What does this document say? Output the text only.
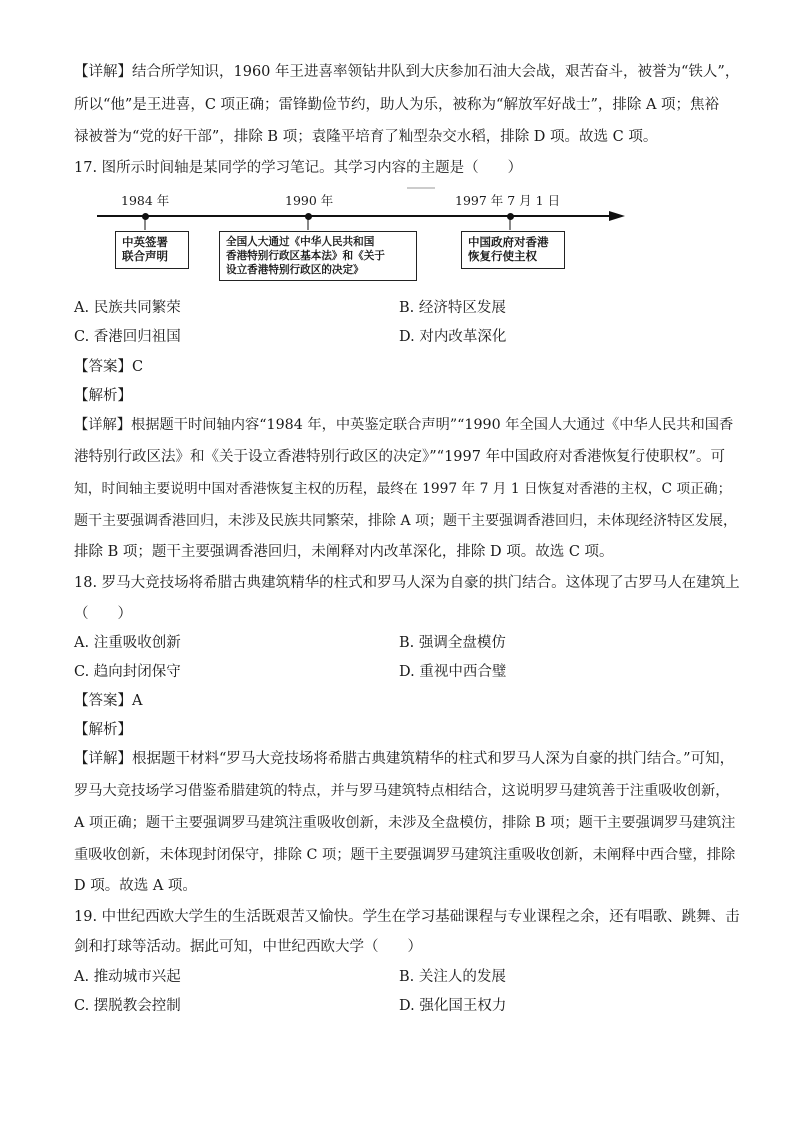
【详解】结合所学知识，1960 年王进喜率领钻井队到大庆参加石油大会战，艰苦奋斗，被誉为“铁人”，
所以“他”是王进喜，C 项正确；雷锋勤俭节约，助人为乐，被称为“解放军好战士”，排除 A 项；焦裕
禄被誉为“党的好干部”，排除 B 项；袁隆平培育了籼型杂交水稻，排除 D 项。故选 C 项。
17. 图所示时间轴是某同学的学习笔记。其学习内容的主题是（　　）
1984 年	1990 年	1997 年 7 月 1 日
中英签署
联合声明
全国人大通过《中华人民共和国
香港特别行政区基本法》和《关于
设立香港特别行政区的决定》
中国政府对香港
恢复行使主权
A. 民族共同繁荣	B. 经济特区发展
C. 香港回归祖国	D. 对内改革深化
【答案】C
【解析】
【详解】根据题干时间轴内容“1984 年，中英鉴定联合声明”“1990 年全国人大通过《中华人民共和国香
港特别行政区法》和《关于设立香港特别行政区的决定》”“1997 年中国政府对香港恢复行使职权”。可
知，时间轴主要说明中国对香港恢复主权的历程，最终在 1997 年 7 月 1 日恢复对香港的主权，C 项正确；
题干主要强调香港回归，未涉及民族共同繁荣，排除 A 项；题干主要强调香港回归，未体现经济特区发展，
排除 B 项；题干主要强调香港回归，未阐释对内改革深化，排除 D 项。故选 C 项。
18. 罗马大竞技场将希腊古典建筑精华的柱式和罗马人深为自豪的拱门结合。这体现了古罗马人在建筑上
（　　）
A. 注重吸收创新	B. 强调全盘模仿
C. 趋向封闭保守	D. 重视中西合璧
【答案】A
【解析】
【详解】根据题干材料“罗马大竞技场将希腊古典建筑精华的柱式和罗马人深为自豪的拱门结合。”可知，
罗马大竞技场学习借鉴希腊建筑的特点，并与罗马建筑特点相结合，这说明罗马建筑善于注重吸收创新，
A 项正确；题干主要强调罗马建筑注重吸收创新，未涉及全盘模仿，排除 B 项；题干主要强调罗马建筑注
重吸收创新，未体现封闭保守，排除 C 项；题干主要强调罗马建筑注重吸收创新，未阐释中西合璧，排除
D 项。故选 A 项。
19. 中世纪西欧大学生的生活既艰苦又愉快。学生在学习基础课程与专业课程之余，还有唱歌、跳舞、击
剑和打球等活动。据此可知，中世纪西欧大学（　　）
A. 推动城市兴起	B. 关注人的发展
C. 摆脱教会控制	D. 强化国王权力
